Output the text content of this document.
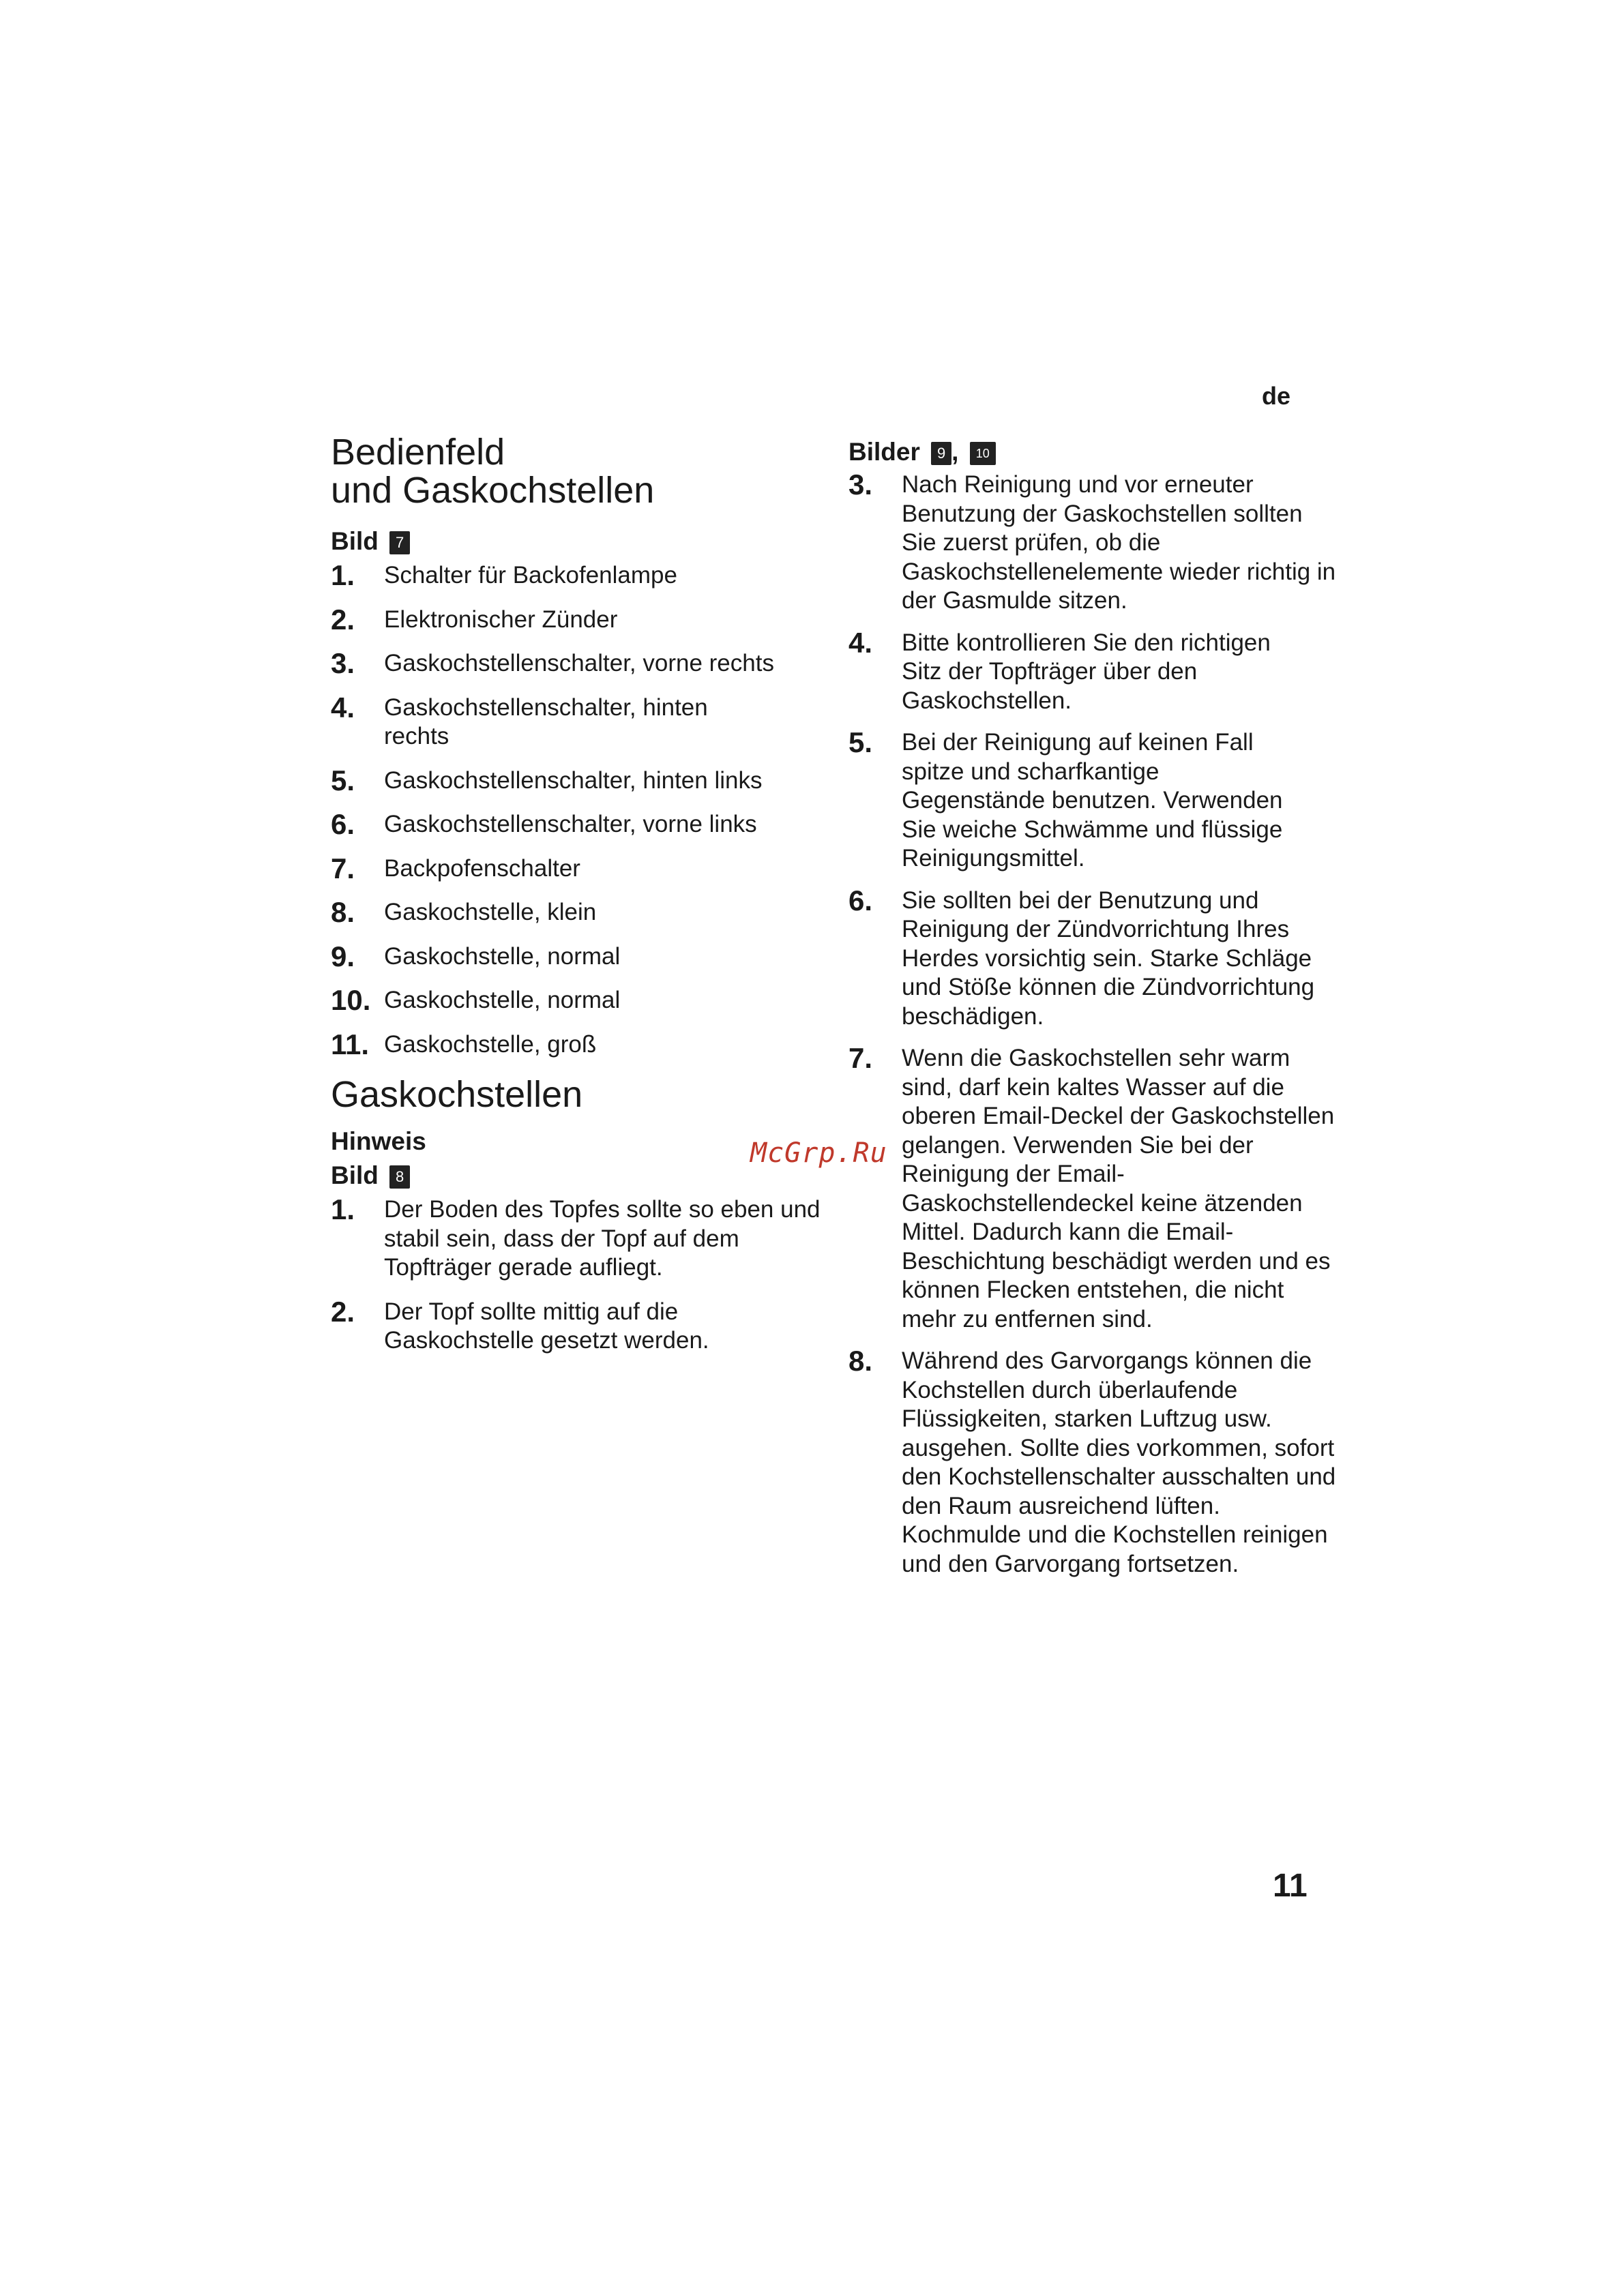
de
McGrp.Ru
Bedienfeld
und Gaskochstellen
Bild 7
1.	Schalter für Backofenlampe
2.	Elektronischer Zünder
3.	Gaskochstellenschalter, vorne rechts
4.	Gaskochstellenschalter, hinten rechts
5.	Gaskochstellenschalter, hinten links
6.	Gaskochstellenschalter, vorne links
7.	Backpofenschalter
8.	Gaskochstelle, klein
9.	Gaskochstelle, normal
10. Gaskochstelle, normal
11. Gaskochstelle, groß
Gaskochstellen
Hinweis
Bild 8
1.	Der Boden des Topfes sollte so eben und stabil sein, dass der Topf auf dem Topfträger gerade aufliegt.
2.	Der Topf sollte mittig auf die Gaskochstelle gesetzt werden.
Bilder 9 , 10
3.	Nach Reinigung und vor erneuter Benutzung der Gaskochstellen sollten Sie zuerst prüfen, ob die Gaskochstellenelemente wieder richtig in der Gasmulde sitzen.
4.	Bitte kontrollieren Sie den richtigen Sitz der Topfträger über den Gaskochstellen.
5.	Bei der Reinigung auf keinen Fall spitze und scharfkantige Gegenstände benutzen. Verwenden Sie weiche Schwämme und flüssige Reinigungsmittel.
6.	Sie sollten bei der Benutzung und Reinigung der Zündvorrichtung Ihres Herdes vorsichtig sein. Starke Schläge und Stöße können die Zündvorrichtung beschädigen.
7.	Wenn die Gaskochstellen sehr warm sind, darf kein kaltes Wasser auf die oberen Email-Deckel der Gaskochstellen gelangen. Verwenden Sie bei der Reinigung der Email-Gaskochstellendeckel keine ätzenden Mittel. Dadurch kann die Email-Beschichtung beschädigt werden und es können Flecken entstehen, die nicht mehr zu entfernen sind.
8.	Während des Garvorgangs können die Kochstellen durch überlaufende Flüssigkeiten, starken Luftzug usw. ausgehen. Sollte dies vorkommen, sofort den Kochstellenschalter ausschalten und den Raum ausreichend lüften. Kochmulde und die Kochstellen reinigen und den Garvorgang fortsetzen.
11
